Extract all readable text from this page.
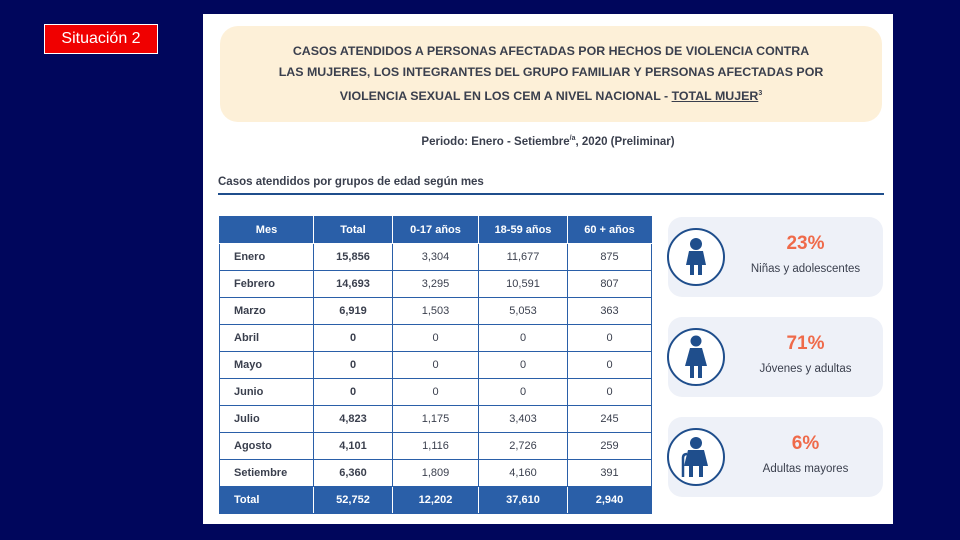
Situación 2
CASOS ATENDIDOS A PERSONAS AFECTADAS POR HECHOS DE VIOLENCIA CONTRA
LAS MUJERES, LOS INTEGRANTES DEL GRUPO FAMILIAR Y PERSONAS AFECTADAS POR
VIOLENCIA SEXUAL EN LOS CEM A NIVEL NACIONAL - TOTAL MUJER$^3$
Periodo: Enero - Setiembre$^{/a}$, 2020 (Preliminar)
Casos atendidos por grupos de edad según mes
Mes	Total	0-17 años	18-59 años	60 + años
Enero	15,856	3,304	11,677	875
Febrero	14,693	3,295	10,591	807
Marzo	6,919	1,503	5,053	363
Abril	0	0	0	0
Mayo	0	0	0	0
Junio	0	0	0	0
Julio	4,823	1,175	3,403	245
Agosto	4,101	1,116	2,726	259
Setiembre	6,360	1,809	4,160	391
Total	52,752	12,202	37,610	2,940
23%
Niñas y adolescentes
71%
Jóvenes y adultas
6%
Adultas mayores
